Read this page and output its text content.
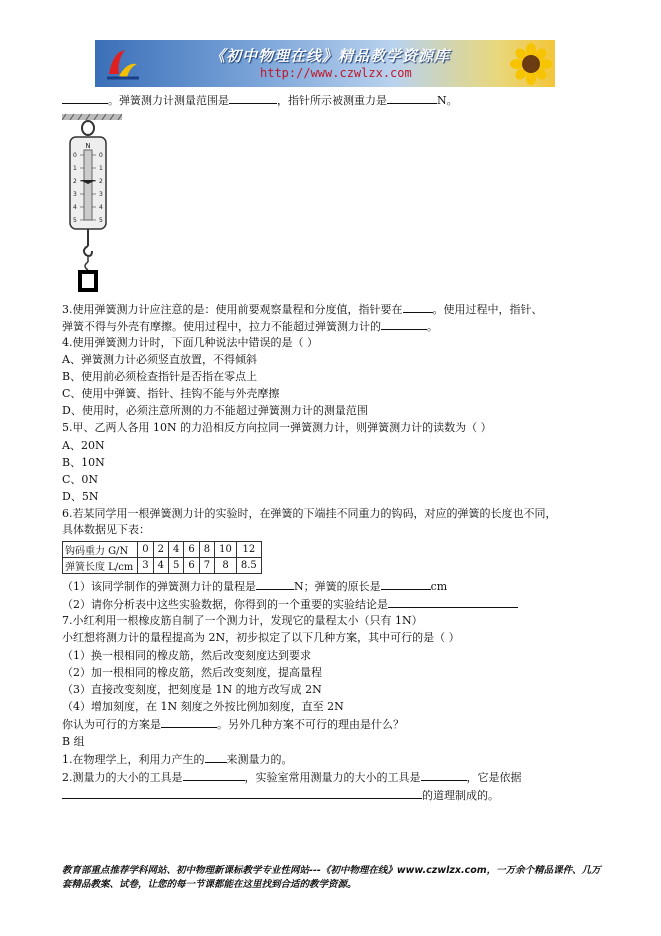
《初中物理在线》精品教学资源库
http://www.czwlzx.com
。弹簧测力计测量范围是	，指针所示被测重力是	N。
N
0	0
1	1
2	2
3	3
4	4
5	5
3.使用弹簧测力计应注意的是：使用前要观察量程和分度值，指针要在	。使用过程中，指针、
弹簧不得与外壳有摩擦。使用过程中，拉力不能超过弹簧测力计的	。
4.使用弹簧测力计时，下面几种说法中错误的是（ ）
A、弹簧测力计必须竖直放置，不得倾斜
B、使用前必须检查指针是否指在零点上
C、使用中弹簧、指针、挂钩不能与外壳摩擦
D、使用时，必须注意所测的力不能超过弹簧测力计的测量范围
5.甲、乙两人各用 10N 的力沿相反方向拉同一弹簧测力计，则弹簧测力计的读数为（ ）
A、20N
B、10N
C、0N
D、5N
6.若某同学用一根弹簧测力计的实验时，在弹簧的下端挂不同重力的钩码，对应的弹簧的长度也不同，
具体数据见下表：
钩码重力 G/N	0	2	4	6	8	10	12
弹簧长度 L/cm	3	4	5	6	7	8	8.5
（1）该同学制作的弹簧测力计的量程是	N；弹簧的原长是	cm
（2）请你分析表中这些实验数据，你得到的一个重要的实验结论是
7.小红利用一根橡皮筋自制了一个测力计，发现它的量程太小（只有 1N）
小红想将测力计的量程提高为 2N，初步拟定了以下几种方案，其中可行的是（ ）
（1）换一根相同的橡皮筋，然后改变刻度达到要求
（2）加一根相同的橡皮筋，然后改变刻度，提高量程
（3）直接改变刻度，把刻度是 1N 的地方改写成 2N
（4）增加刻度，在 1N 刻度之外按比例加刻度，直至 2N
你认为可行的方案是	。另外几种方案不可行的理由是什么？
B 组
1.在物理学上，利用力产生的 来测量力的。
2.测量力的大小的工具是	，实验室常用测量力的大小的工具是	，它是依据
的道理制成的。
教育部重点推荐学科网站、初中物理新课标教学专业性网站---《初中物理在线》www.czwlzx.com，一万余个精品课件、几万套精品教案、试卷，让您的每一节课都能在这里找到合适的教学资源。
